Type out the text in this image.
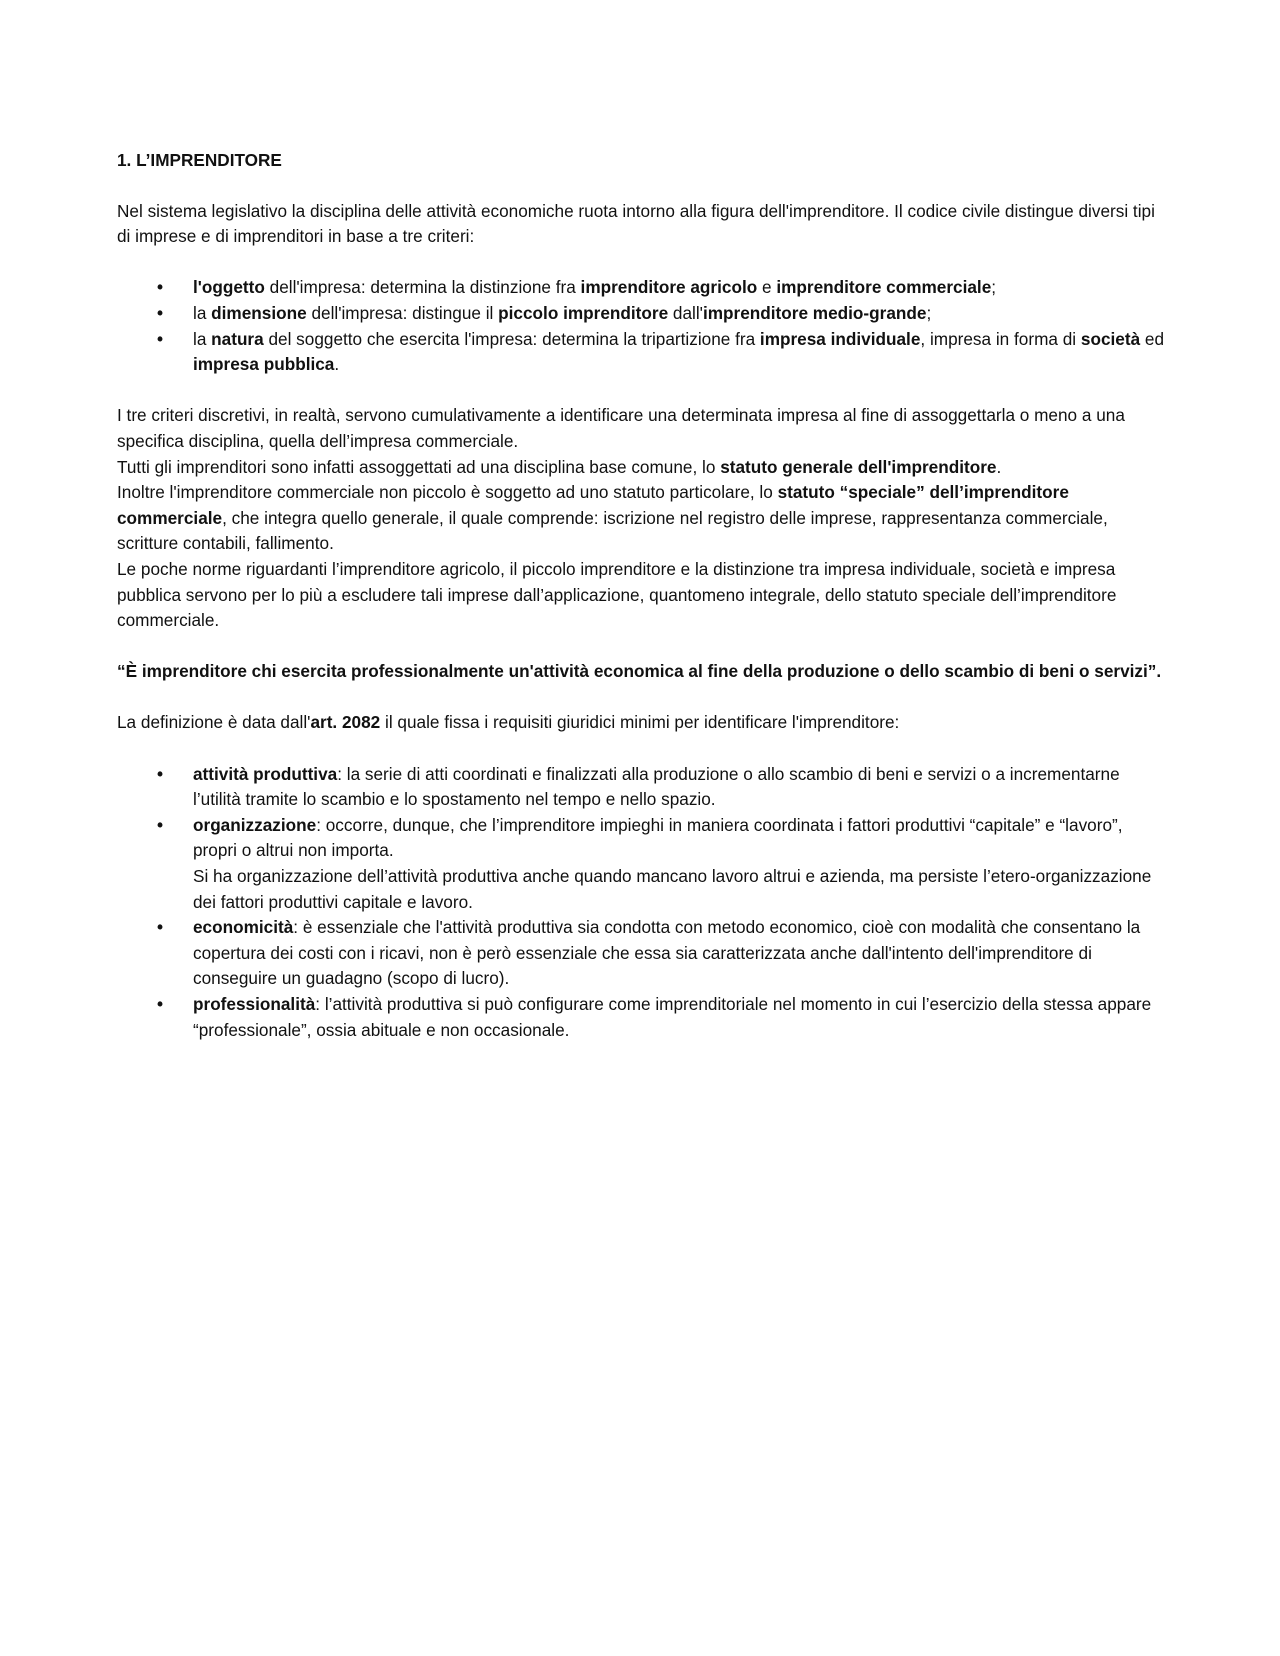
1. L’IMPRENDITORE

Nel sistema legislativo la disciplina delle attività economiche ruota intorno alla figura dell'imprenditore. Il codice civile distingue diversi tipi di imprese e di imprenditori in base a tre criteri:

• l'oggetto dell'impresa: determina la distinzione fra imprenditore agricolo e imprenditore commerciale;
• la dimensione dell'impresa: distingue il piccolo imprenditore dall'imprenditore medio-grande;
• la natura del soggetto che esercita l'impresa: determina la tripartizione fra impresa individuale, impresa in forma di società ed impresa pubblica.

I tre criteri discretivi, in realtà, servono cumulativamente a identificare una determinata impresa al fine di assoggettarla o meno a una specifica disciplina, quella dell’impresa commerciale.

Tutti gli imprenditori sono infatti assoggettati ad una disciplina base comune, lo statuto generale dell'imprenditore.

Inoltre l'imprenditore commerciale non piccolo è soggetto ad uno statuto particolare, lo statuto “speciale” dell’imprenditore commerciale, che integra quello generale, il quale comprende: iscrizione nel registro delle imprese, rappresentanza commerciale, scritture contabili, fallimento.

Le poche norme riguardanti l’imprenditore agricolo, il piccolo imprenditore e la distinzione tra impresa individuale, società e impresa pubblica servono per lo più a escludere tali imprese dall’applicazione, quantomeno integrale, dello statuto speciale dell’imprenditore commerciale.

“È imprenditore chi esercita professionalmente un'attività economica al fine della produzione o dello scambio di beni o servizi”.

La definizione è data dall'art. 2082 il quale fissa i requisiti giuridici minimi per identificare l'imprenditore:

• attività produttiva: la serie di atti coordinati e finalizzati alla produzione o allo scambio di beni e servizi o a incrementarne l’utilità tramite lo scambio e lo spostamento nel tempo e nello spazio.
• organizzazione: occorre, dunque, che l’imprenditore impieghi in maniera coordinata i fattori produttivi “capitale” e “lavoro”, propri o altrui non importa.
Si ha organizzazione dell’attività produttiva anche quando mancano lavoro altrui e azienda, ma persiste l’etero-organizzazione dei fattori produttivi capitale e lavoro.
• economicità: è essenziale che l'attività produttiva sia condotta con metodo economico, cioè con modalità che consentano la copertura dei costi con i ricavi, non è però essenziale che essa sia caratterizzata anche dall'intento dell'imprenditore di conseguire un guadagno (scopo di lucro).
• professionalità: l’attività produttiva si può configurare come imprenditoriale nel momento in cui l’esercizio della stessa appare “professionale”, ossia abituale e non occasionale.
